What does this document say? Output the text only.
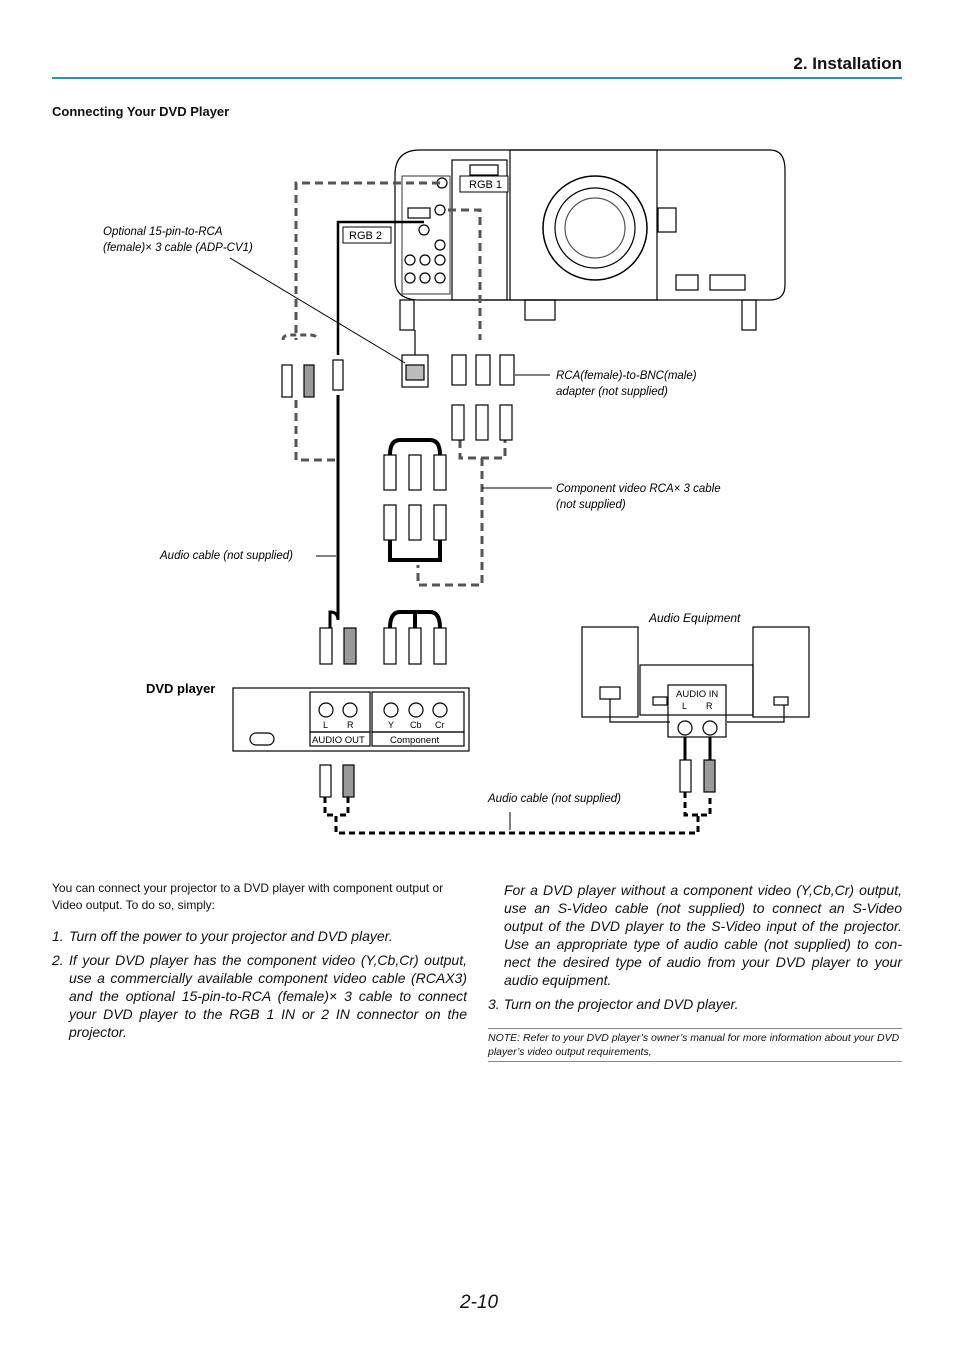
2. Installation
Connecting Your DVD Player
RGB 1
RGB 2
DVD player
L R	Y Cb Cr
AUDIO OUT	Component
AUDIO IN
L R
Audio Equipment
Optional 15-pin-to-RCA
(female)× 3 cable (ADP-CV1)
RCA(female)-to-BNC(male)
adapter (not supplied)
Component video RCA× 3 cable
(not supplied)
Audio cable (not supplied)
Audio cable (not supplied)
You can connect your projector to a DVD player with component output or Video output. To do so, simply:
1. Turn off the power to your projector and DVD player.
2. If your DVD player has the component video (Y,Cb,Cr) output, use a commercially available component video cable (RCAX3) and the optional 15-pin-to-RCA (female)× 3 cable to connect your DVD player to the RGB 1 IN or 2 IN connector on the projector.
For a DVD player without a component video (Y,Cb,Cr) output, use an S-Video cable (not supplied) to connect an S-Video output of the DVD player to the S-Video input of the projector. Use an appropriate type of audio cable (not supplied) to con- nect the desired type of audio from your DVD player to your audio equipment.
3. Turn on the projector and DVD player.
NOTE: Refer to your DVD player’s owner’s manual for more information about your DVD player’s video output requirements,
2-10
